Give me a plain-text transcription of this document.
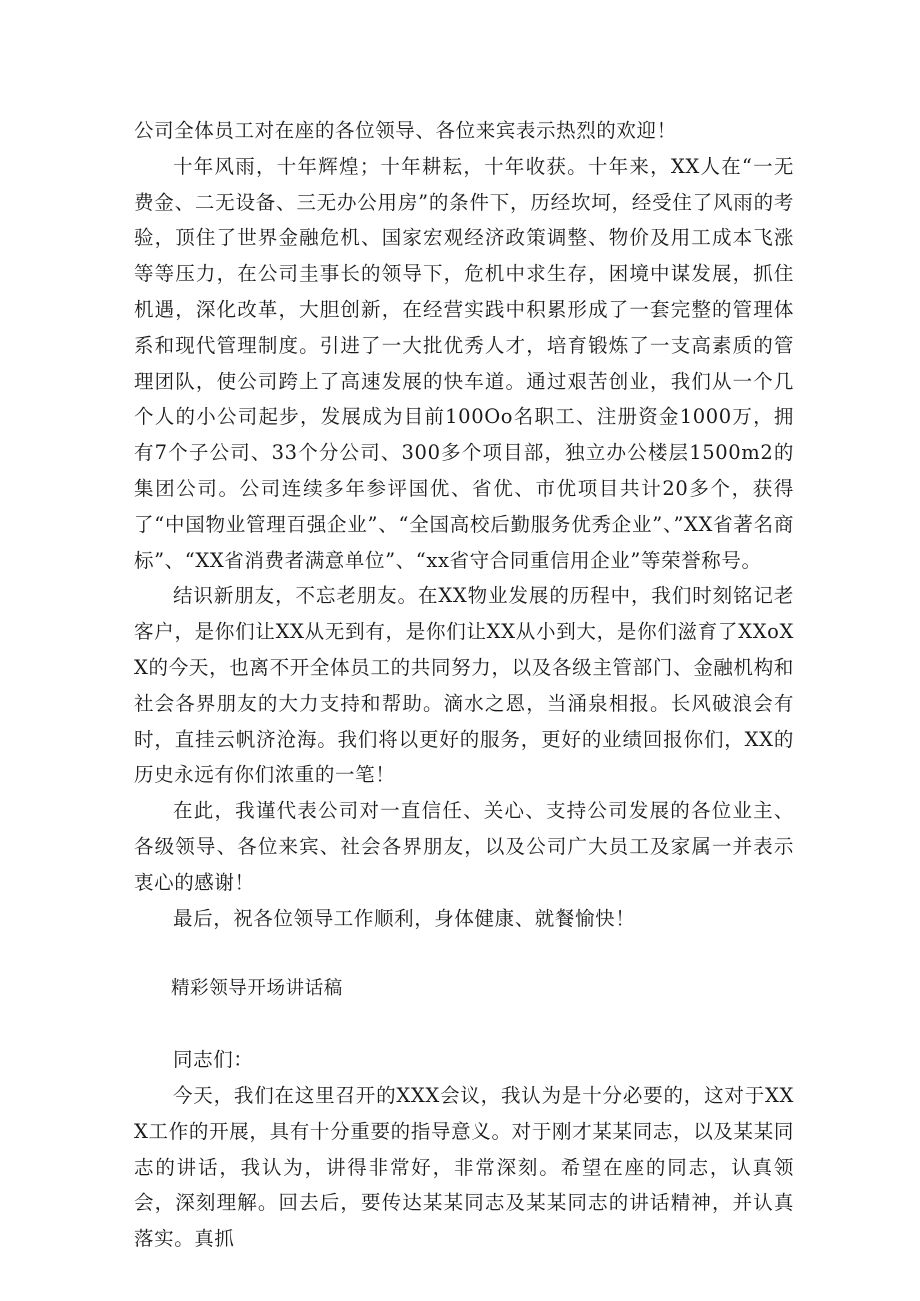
公司全体员工对在座的各位领导、各位来宾表示热烈的欢迎！

十年风雨，十年辉煌；十年耕耘，十年收获。十年来，XX人在“一无费金、二无设备、三无办公用房”的条件下，历经坎坷，经受住了风雨的考验，顶住了世界金融危机、国家宏观经济政策调整、物价及用工成本飞涨等等压力，在公司圭事长的领导下，危机中求生存，困境中谋发展，抓住机遇，深化改革，大胆创新，在经营实践中积累形成了一套完整的管理体系和现代管理制度。引进了一大批优秀人才，培育锻炼了一支高素质的管理团队，使公司跨上了高速发展的快车道。通过艰苦创业，我们从一个几个人的小公司起步，发展成为目前100Oo名职工、注册资金1000万，拥有7个子公司、33个分公司、300多个项目部，独立办公楼层1500m2的集团公司。公司连续多年参评国优、省优、市优项目共计20多个，获得了“中国物业管理百强企业”、“全国高校后勤服务优秀企业”、”XX省著名商标”、“XX省消费者满意单位”、“xx省守合同重信用企业”等荣誉称号。

结识新朋友，不忘老朋友。在XX物业发展的历程中，我们时刻铭记老客户，是你们让XX从无到有，是你们让XX从小到大，是你们滋育了XXoXX的今天，也离不开全体员工的共同努力，以及各级主管部门、金融机构和社会各界朋友的大力支持和帮助。滴水之恩，当涌泉相报。长风破浪会有时，直挂云帆济沧海。我们将以更好的服务，更好的业绩回报你们，XX的历史永远有你们浓重的一笔！

在此，我谨代表公司对一直信任、关心、支持公司发展的各位业主、各级领导、各位来宾、社会各界朋友，以及公司广大员工及家属一并表示衷心的感谢！

最后，祝各位领导工作顺利，身体健康、就餐愉快！

精彩领导开场讲话稿

同志们：

今天，我们在这里召开的XXX会议，我认为是十分必要的，这对于XXX工作的开展，具有十分重要的指导意义。对于刚才某某同志，以及某某同志的讲话，我认为，讲得非常好，非常深刻。希望在座的同志，认真领会，深刻理解。回去后，要传达某某同志及某某同志的讲话精神，并认真落实。真抓
